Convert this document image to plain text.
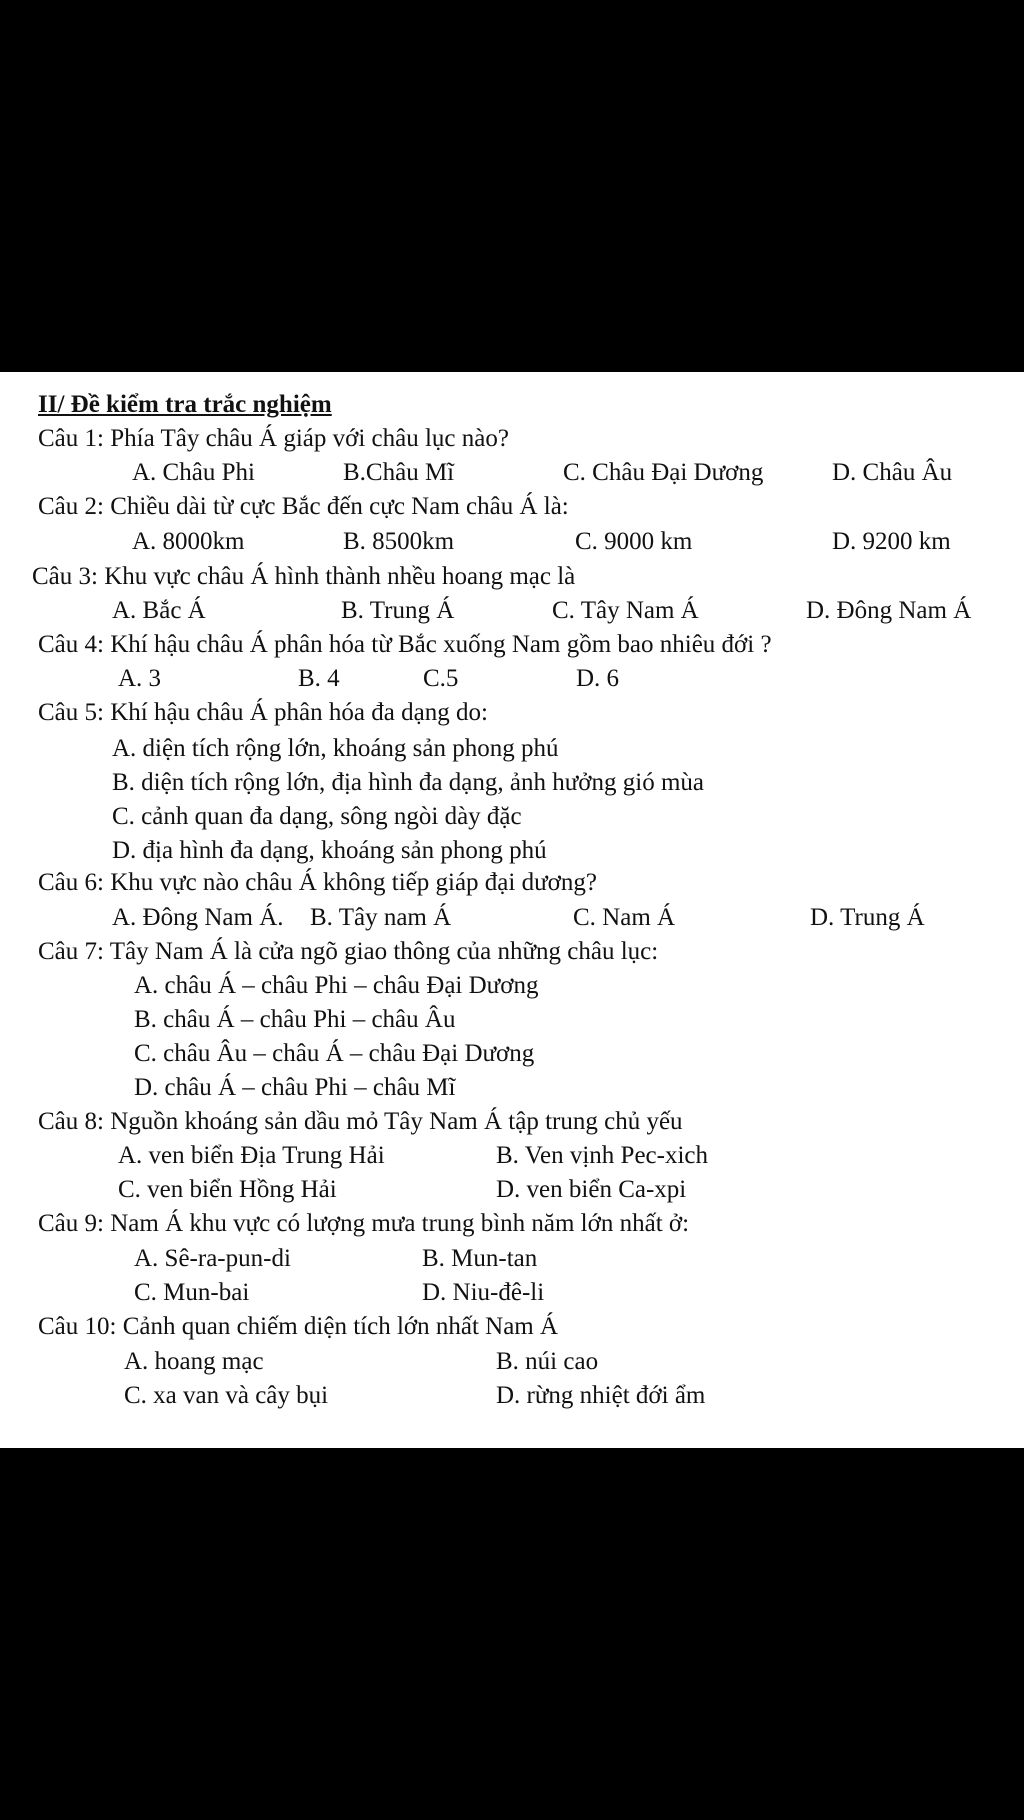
II/ Đề kiểm tra trắc nghiệm
Câu 1: Phía Tây châu Á giáp với châu lục nào?
A. Châu Phi	B.Châu Mĩ	C. Châu Đại Dương	D. Châu Âu
Câu 2: Chiều dài từ cực Bắc đến cực Nam châu Á là:
A. 8000km	B. 8500km	C. 9000 km	D. 9200 km
Câu 3: Khu vực châu Á hình thành nhều hoang mạc là
A. Bắc Á	B. Trung Á	C. Tây Nam Á	D. Đông Nam Á
Câu 4: Khí hậu châu Á phân hóa từ Bắc xuống Nam gồm bao nhiêu đới ?
A. 3	B. 4	C.5	D. 6
Câu 5: Khí hậu châu Á phân hóa đa dạng do:
A. diện tích rộng lớn, khoáng sản phong phú
B. diện tích rộng lớn, địa hình đa dạng, ảnh hưởng gió mùa
C. cảnh quan đa dạng, sông ngòi dày đặc
D. địa hình đa dạng, khoáng sản phong phú
Câu 6: Khu vực nào châu Á không tiếp giáp đại dương?
A. Đông Nam Á. B. Tây nam Á	C. Nam Á	D. Trung Á
Câu 7: Tây Nam Á là cửa ngõ giao thông của những châu lục:
A. châu Á – châu Phi – châu Đại Dương
B. châu Á – châu Phi – châu Âu
C. châu Âu – châu Á – châu Đại Dương
D. châu Á – châu Phi – châu Mĩ
Câu 8: Nguồn khoáng sản dầu mỏ Tây Nam Á tập trung chủ yếu
A. ven biển Địa Trung Hải	B. Ven vịnh Pec-xich
C. ven biển Hồng Hải	D. ven biển Ca-xpi
Câu 9: Nam Á khu vực có lượng mưa trung bình năm lớn nhất ở:
A. Sê-ra-pun-di	B. Mun-tan
C. Mun-bai	D. Niu-đê-li
Câu 10: Cảnh quan chiếm diện tích lớn nhất Nam Á
A. hoang mạc	B. núi cao
C. xa van và cây bụi	D. rừng nhiệt đới ẩm
